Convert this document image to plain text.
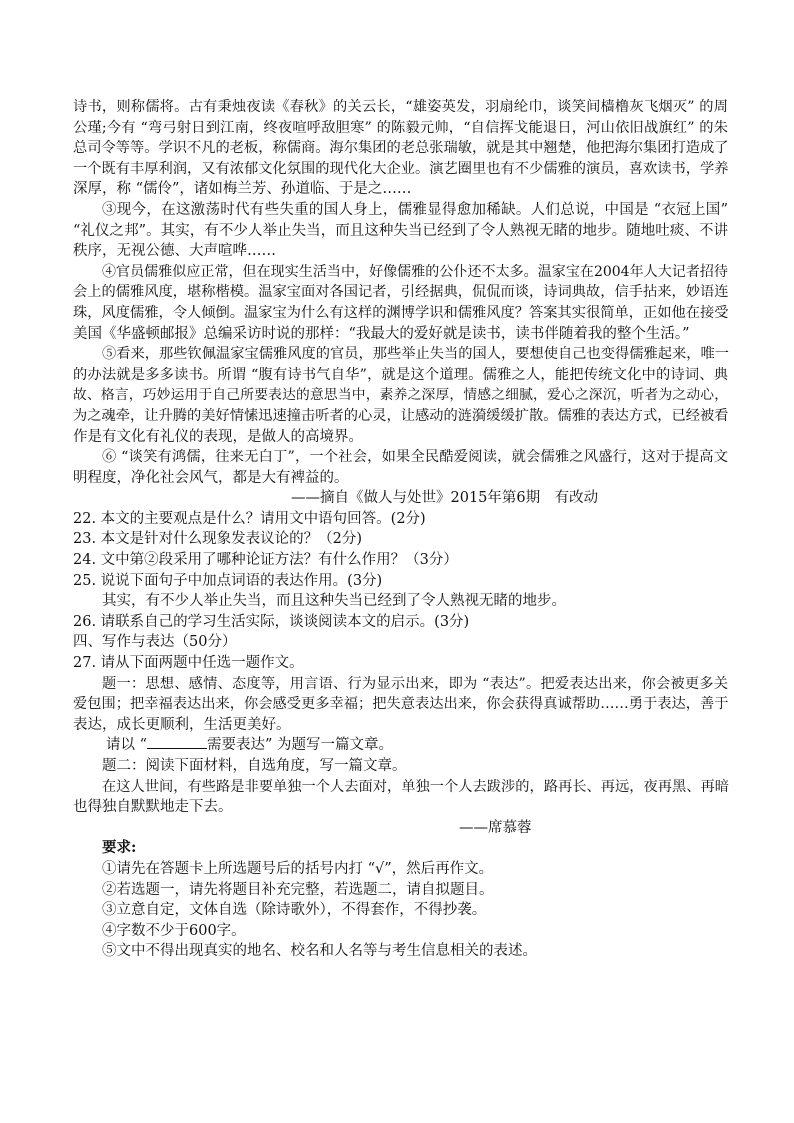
诗书，则称儒将。古有秉烛夜读《春秋》的关云长，“雄姿英发，羽扇纶巾，谈笑间樯橹灰飞烟灭” 的周
公瑾;今有 “弯弓射日到江南，终夜喧呼敌胆寒” 的陈毅元帅，“自信挥戈能退日，河山依旧战旗红” 的朱
总司令等等。学识不凡的老板，称儒商。海尔集团的老总张瑞敏，就是其中翘楚，他把海尔集团打造成了
一个既有丰厚利润，又有浓郁文化氛围的现代化大企业。演艺圈里也有不少儒雅的演员，喜欢读书，学养
深厚，称 “儒伶”，诸如梅兰芳、孙道临、于是之……
③现今，在这激荡时代有些失重的国人身上，儒雅显得愈加稀缺。人们总说，中国是 “衣冠上国”
“礼仪之邦”。其实，有不少人举止失当，而且这种失当已经到了令人熟视无睹的地步。随地吐痰、不讲
秩序，无视公德、大声喧哗……
④官员儒雅似应正常，但在现实生活当中，好像儒雅的公仆还不太多。温家宝在2004年人大记者招待
会上的儒雅风度，堪称楷模。温家宝面对各国记者，引经据典，侃侃而谈，诗词典故，信手拈来，妙语连
珠，风度儒雅，令人倾倒。温家宝为什么有这样的渊博学识和儒雅风度？答案其实很简单，正如他在接受
美国《华盛顿邮报》总编采访时说的那样：“我最大的爱好就是读书，读书伴随着我的整个生活。”
⑤看来，那些钦佩温家宝儒雅风度的官员，那些举止失当的国人，要想使自己也变得儒雅起来，唯一
的办法就是多多读书。所谓 “腹有诗书气自华”，就是这个道理。儒雅之人，能把传统文化中的诗词、典
故、格言，巧妙运用于自己所要表达的意思当中，素养之深厚，情感之细腻，爱心之深沉，听者为之动心，
为之魂牵，让升腾的美好情愫迅速撞击听者的心灵，让感动的涟漪缓缓扩散。儒雅的表达方式，已经被看
作是有文化有礼仪的表现，是做人的高境界。
⑥ “谈笑有鸿儒，往来无白丁”，一个社会，如果全民酷爱阅读，就会儒雅之风盛行，这对于提高文
明程度，净化社会风气，都是大有裨益的。
——摘自《做人与处世》2015年第6期　有改动
22. 本文的主要观点是什么？请用文中语句回答。(2分)
23. 本文是针对什么现象发表议论的？（2分)
24. 文中第②段采用了哪种论证方法？有什么作用？（3分）
25. 说说下面句子中加点词语的表达作用。(3分)
其实，有不少人举止失当，而且这种失当已经到了令人熟视无睹的地步。
26. 请联系自己的学习生活实际，谈谈阅读本文的启示。(3分)
四、写作与表达（50分）
27. 请从下面两题中任选一题作文。
题一：思想、感情、态度等，用言语、行为显示出来，即为 “表达”。把爱表达出来，你会被更多关
爱包围；把幸福表达出来，你会感受更多幸福；把失意表达出来，你会获得真诚帮助……勇于表达，善于
表达，成长更顺利，生活更美好。
请以 “	需要表达” 为题写一篇文章。
题二：阅读下面材料，自选角度，写一篇文章。
在这人世间，有些路是非要单独一个人去面对，单独一个人去跋涉的，路再长、再远，夜再黑、再暗
也得独自默默地走下去。
——席慕蓉
要求:
①请先在答题卡上所选题号后的括号内打 “√”，然后再作文。
②若选题一，请先将题目补充完整，若选题二，请自拟题目。
③立意自定，文体自选（除诗歌外），不得套作，不得抄袭。
④字数不少于600字。
⑤文中不得出现真实的地名、校名和人名等与考生信息相关的表述。
